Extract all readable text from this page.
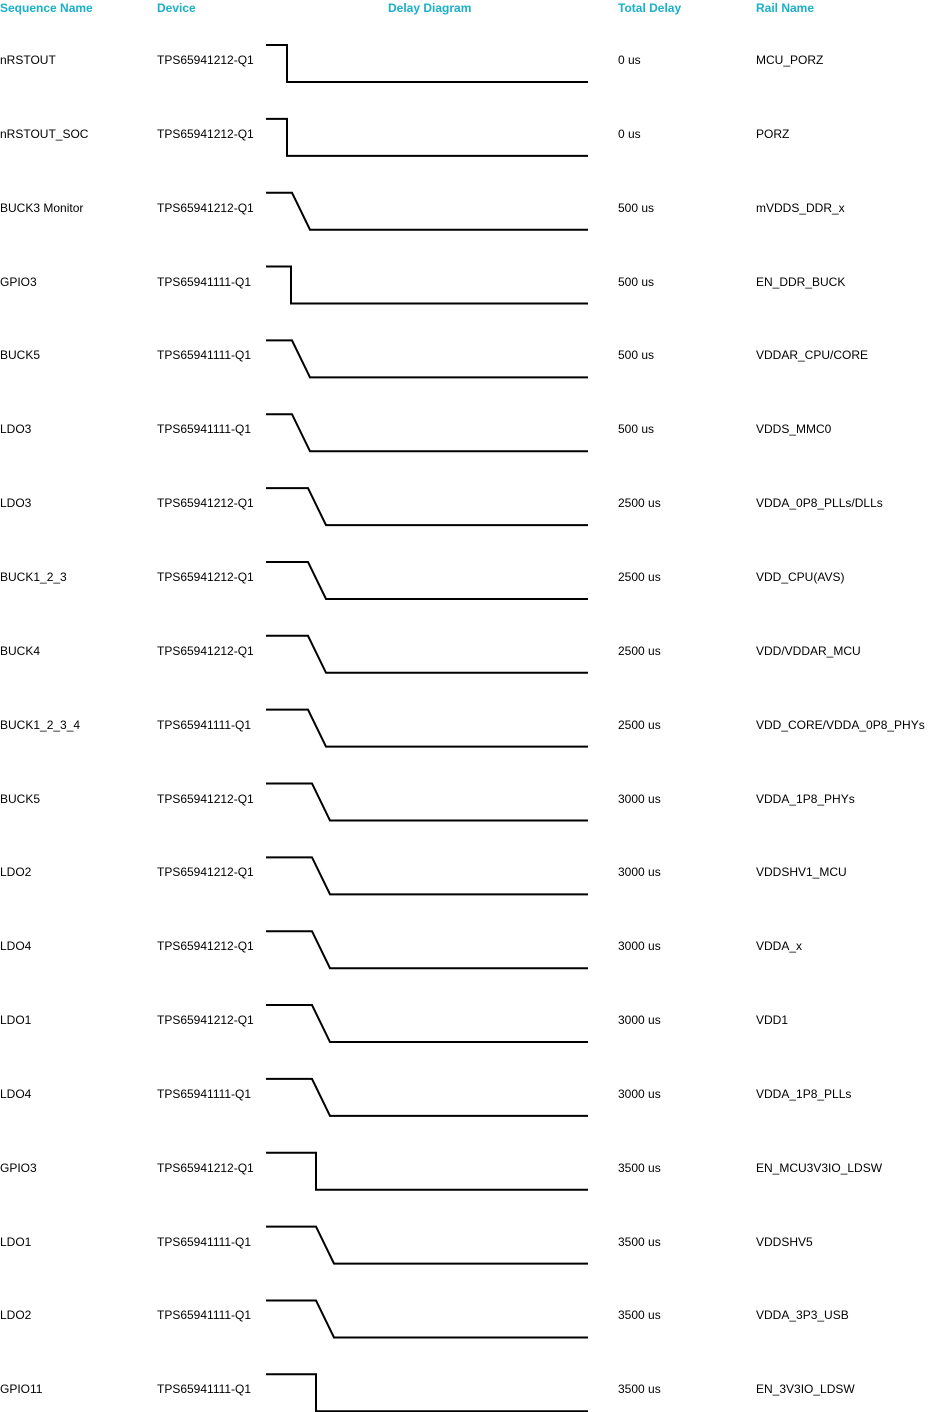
Sequence Name	Device	Delay Diagram	Total Delay	Rail Name
nRSTOUT	TPS65941212-Q1	0 us	MCU_PORZ
nRSTOUT_SOC	TPS65941212-Q1	0 us	PORZ
BUCK3 Monitor	TPS65941212-Q1	500 us	mVDDS_DDR_x
GPIO3	TPS65941111-Q1	500 us	EN_DDR_BUCK
BUCK5	TPS65941111-Q1	500 us	VDDAR_CPU/CORE
LDO3	TPS65941111-Q1	500 us	VDDS_MMC0
LDO3	TPS65941212-Q1	2500 us	VDDA_0P8_PLLs/DLLs
BUCK1_2_3	TPS65941212-Q1	2500 us	VDD_CPU(AVS)
BUCK4	TPS65941212-Q1	2500 us	VDD/VDDAR_MCU
BUCK1_2_3_4	TPS65941111-Q1	2500 us	VDD_CORE/VDDA_0P8_PHYs
BUCK5	TPS65941212-Q1	3000 us	VDDA_1P8_PHYs
LDO2	TPS65941212-Q1	3000 us	VDDSHV1_MCU
LDO4	TPS65941212-Q1	3000 us	VDDA_x
LDO1	TPS65941212-Q1	3000 us	VDD1
LDO4	TPS65941111-Q1	3000 us	VDDA_1P8_PLLs
GPIO3	TPS65941212-Q1	3500 us	EN_MCU3V3IO_LDSW
LDO1	TPS65941111-Q1	3500 us	VDDSHV5
LDO2	TPS65941111-Q1	3500 us	VDDA_3P3_USB
GPIO11	TPS65941111-Q1	3500 us	EN_3V3IO_LDSW
